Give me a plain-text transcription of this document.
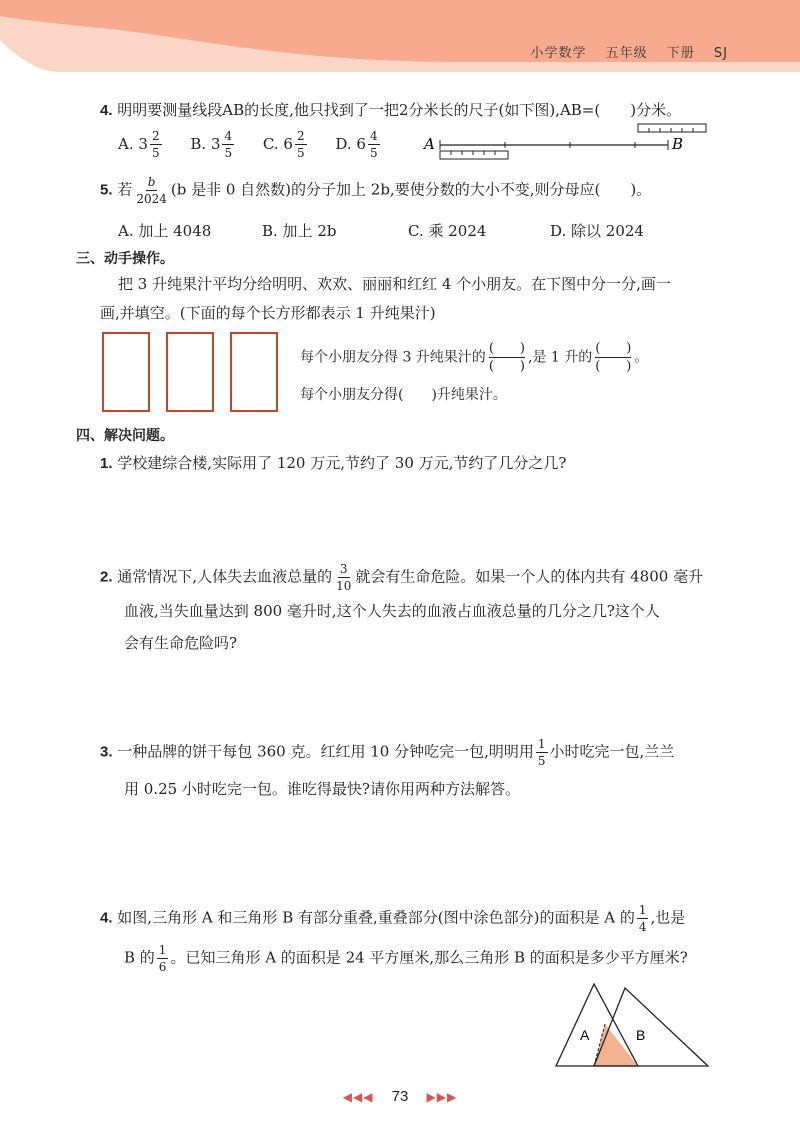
小学数学 五年级 下册 SJ
4. 明明要测量线段AB的长度,他只找到了一把2分米长的尺子(如下图),AB=(　　)分米。
A. $3 \frac{2}{5} B$. $3 \frac{4}{5} C$. $6 \frac{2}{5} D$. $6 \frac{4}{5}$	A	B
5. 若 $\frac{b}{2024} (b$ 是非 0 自然数)的分子加上 2b,要使分数的大小不变,则分母应(　　)。
A. 加上 4048	B. 加上 2b	C. 乘 2024	D. 除以 2024
三、动手操作。
把 3 升纯果汁平均分给明明、欢欢、丽丽和红红 4 个小朋友。在下图中分一分,画一
画,并填空。(下面的每个长方形都表示 1 升纯果汁)
每个小朋友分得 3 升纯果汁的 $\frac{( )}{( )}$ ,是 1 升的 $\frac{( )}{( )}$ 。
每个小朋友分得(　　)升纯果汁。
四、解决问题。
1. 学校建综合楼,实际用了 120 万元,节约了 30 万元,节约了几分之几?
2. 通常情况下,人体失去血液总量的 $\frac{3}{10}$ 就会有生命危险。如果一个人的体内共有 4800 毫升
血液,当失血量达到 800 毫升时,这个人失去的血液占血液总量的几分之几?这个人
会有生命危险吗?
3. 一种品牌的饼干每包 360 克。红红用 10 分钟吃完一包,明明用 $\frac{1}{5}$ 小时吃完一包,兰兰
用 0.25 小时吃完一包。谁吃得最快?请你用两种方法解答。
4. 如图,三角形 A 和三角形 B 有部分重叠,重叠部分(图中涂色部分)的面积是 A 的 $\frac{1}{4}$ ,也是
B 的 $\frac{1}{6}$ 。已知三角形 A 的面积是 24 平方厘米,那么三角形 B 的面积是多少平方厘米?
A	B
◀◀◀ 73 ▶▶▶
